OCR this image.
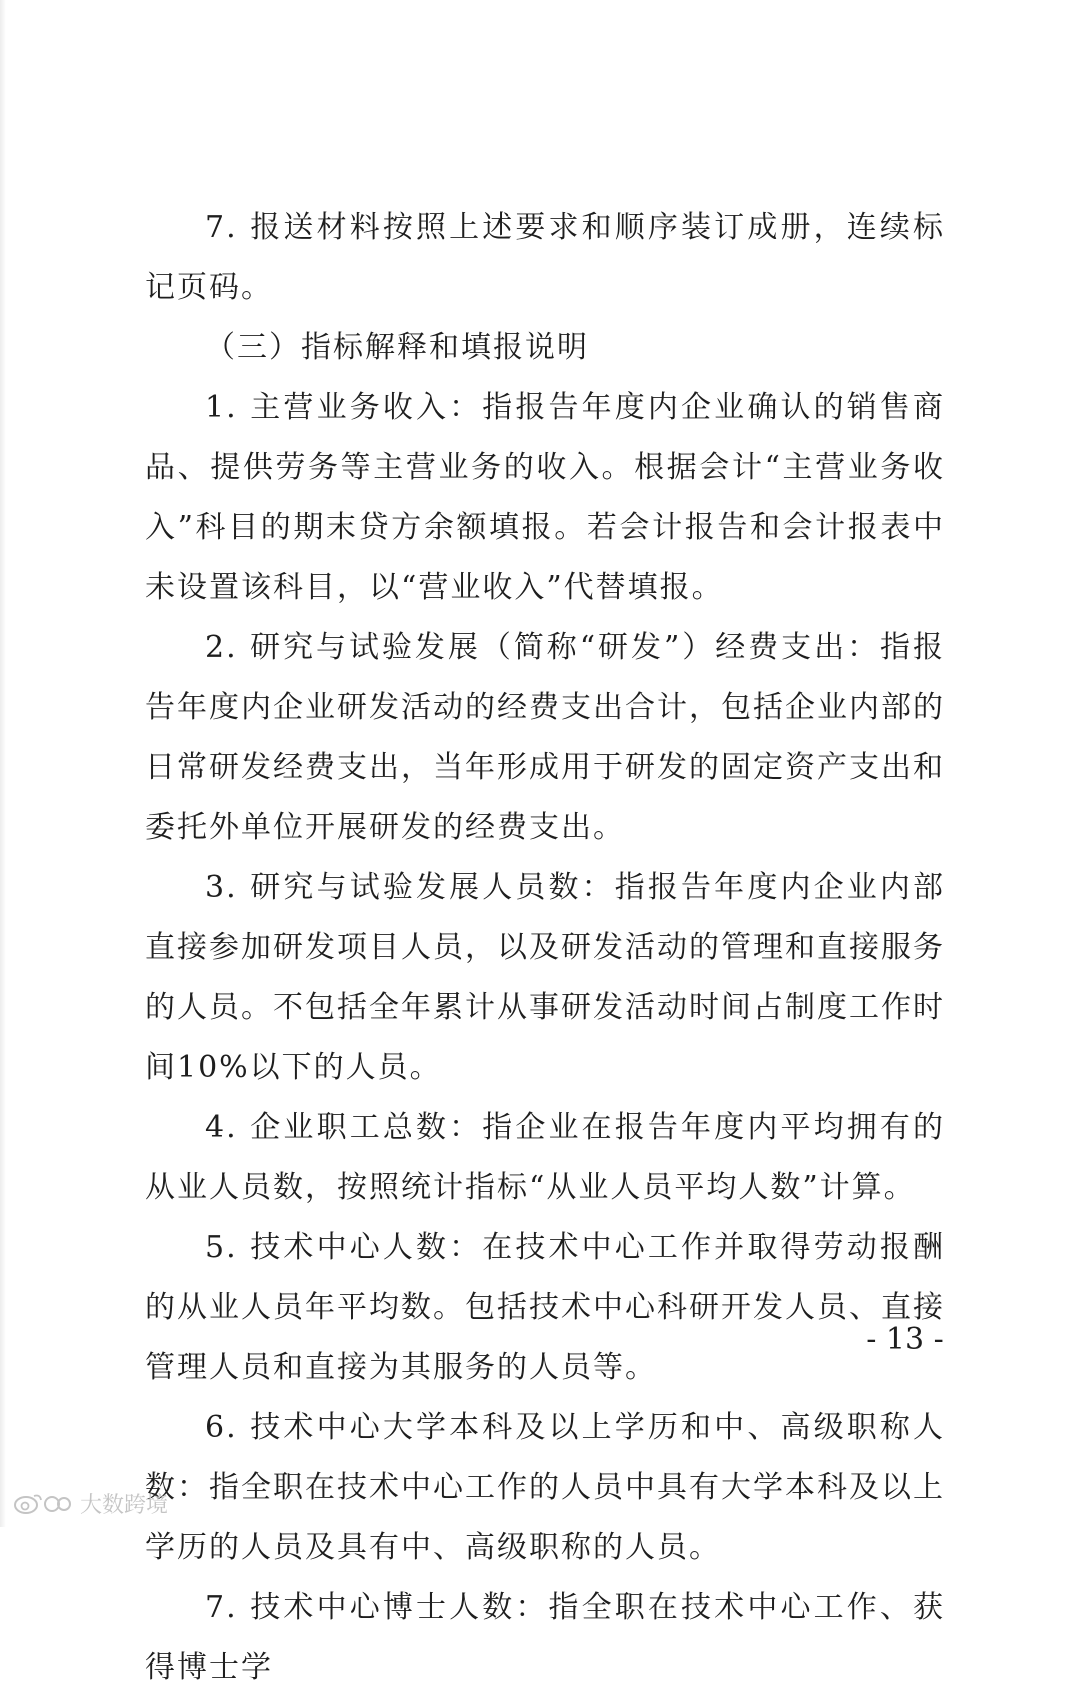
7. 报送材料按照上述要求和顺序装订成册，连续标记页码。

（三）指标解释和填报说明

1. 主营业务收入：指报告年度内企业确认的销售商品、提供劳务等主营业务的收入。根据会计“主营业务收入”科目的期末贷方余额填报。若会计报告和会计报表中未设置该科目，以“营业收入”代替填报。

2. 研究与试验发展（简称“研发”）经费支出：指报告年度内企业研发活动的经费支出合计，包括企业内部的日常研发经费支出，当年形成用于研发的固定资产支出和委托外单位开展研发的经费支出。

3. 研究与试验发展人员数：指报告年度内企业内部直接参加研发项目人员，以及研发活动的管理和直接服务的人员。不包括全年累计从事研发活动时间占制度工作时间10%以下的人员。

4. 企业职工总数：指企业在报告年度内平均拥有的从业人员数，按照统计指标“从业人员平均人数”计算。

5. 技术中心人数：在技术中心工作并取得劳动报酬的从业人员年平均数。包括技术中心科研开发人员、直接管理人员和直接为其服务的人员等。

6. 技术中心大学本科及以上学历和中、高级职称人数：指全职在技术中心工作的人员中具有大学本科及以上学历的人员及具有中、高级职称的人员。

7. 技术中心博士人数：指全职在技术中心工作、获得博士学

- 13 -
大数跨境
